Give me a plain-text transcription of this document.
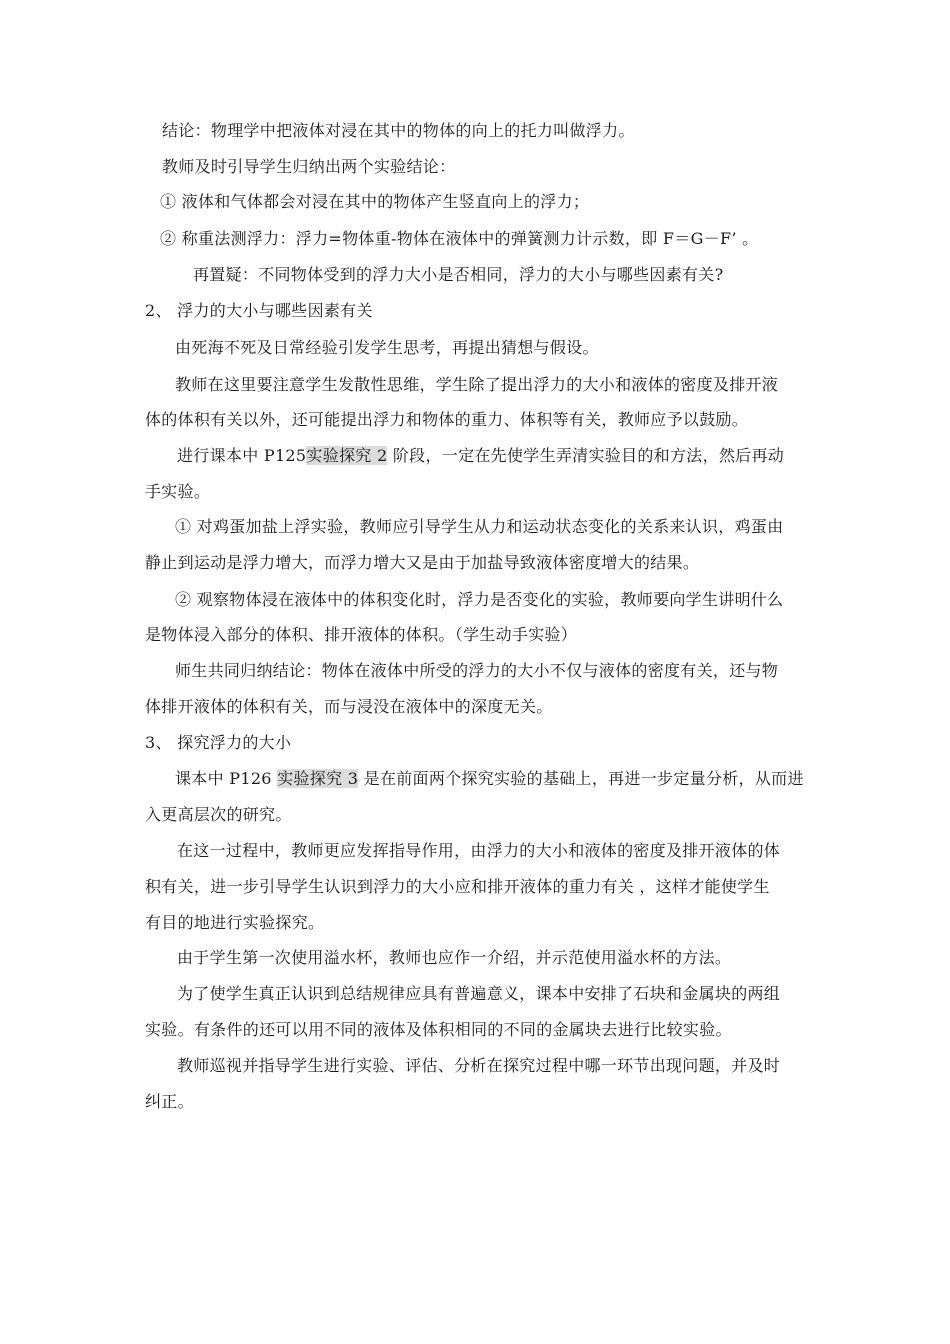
结论：物理学中把液体对浸在其中的物体的向上的托力叫做浮力。
教师及时引导学生归纳出两个实验结论：
① 液体和气体都会对浸在其中的物体产生竖直向上的浮力；
② 称重法测浮力：浮力=物体重-物体在液体中的弹簧测力计示数，即 F＝G－F’ 。
再置疑：不同物体受到的浮力大小是否相同，浮力的大小与哪些因素有关?
2、 浮力的大小与哪些因素有关
由死海不死及日常经验引发学生思考，再提出猜想与假设。
教师在这里要注意学生发散性思维，学生除了提出浮力的大小和液体的密度及排开液
体的体积有关以外，还可能提出浮力和物体的重力、体积等有关，教师应予以鼓励。
进行课本中 P125实验探究 2 阶段，一定在先使学生弄清实验目的和方法，然后再动
手实验。
① 对鸡蛋加盐上浮实验，教师应引导学生从力和运动状态变化的关系来认识，鸡蛋由
静止到运动是浮力增大，而浮力增大又是由于加盐导致液体密度增大的结果。
② 观察物体浸在液体中的体积变化时，浮力是否变化的实验，教师要向学生讲明什么
是物体浸入部分的体积、排开液体的体积。（学生动手实验）
师生共同归纳结论：物体在液体中所受的浮力的大小不仅与液体的密度有关，还与物
体排开液体的体积有关，而与浸没在液体中的深度无关。
3、 探究浮力的大小
课本中 P126 实验探究 3 是在前面两个探究实验的基础上，再进一步定量分析，从而进
入更高层次的研究。
在这一过程中，教师更应发挥指导作用，由浮力的大小和液体的密度及排开液体的体
积有关，进一步引导学生认识到浮力的大小应和排开液体的重力有关 ，这样才能使学生
有目的地进行实验探究。
由于学生第一次使用溢水杯，教师也应作一介绍，并示范使用溢水杯的方法。
为了使学生真正认识到总结规律应具有普遍意义，课本中安排了石块和金属块的两组
实验。有条件的还可以用不同的液体及体积相同的不同的金属块去进行比较实验。
教师巡视并指导学生进行实验、评估、分析在探究过程中哪一环节出现问题，并及时
纠正。
